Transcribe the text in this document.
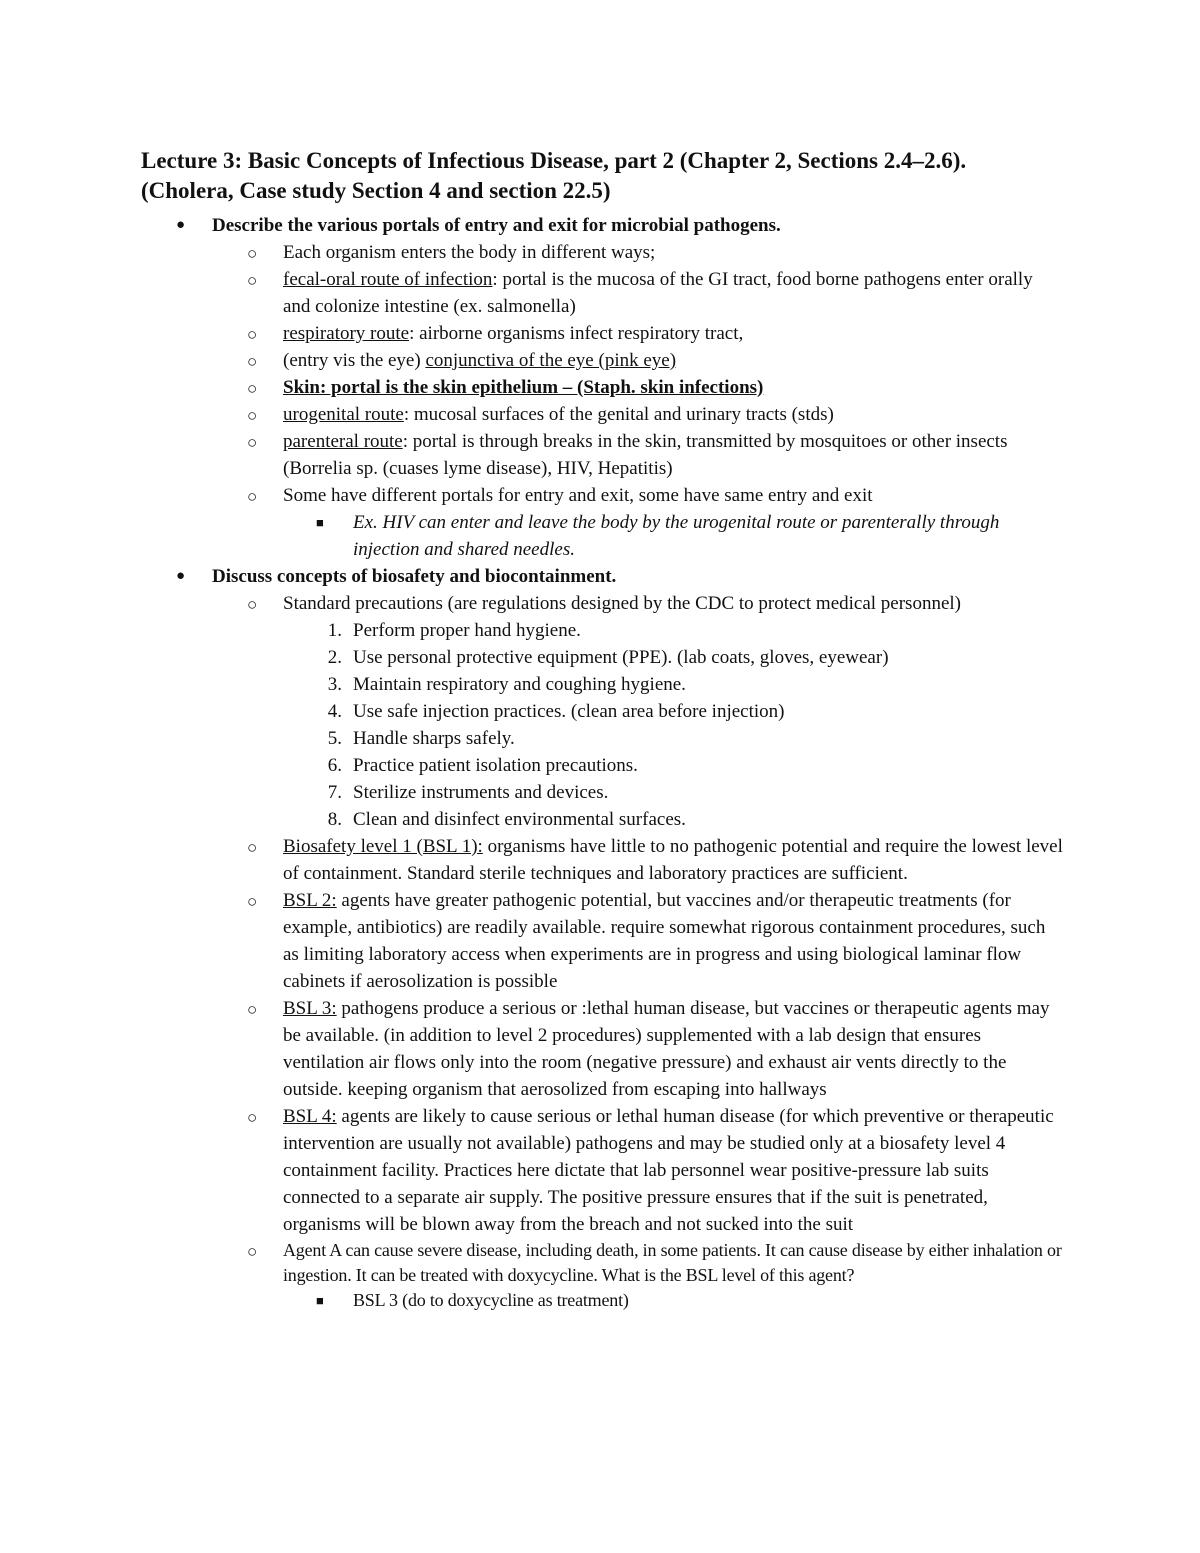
Lecture 3: Basic Concepts of Infectious Disease, part 2 (Chapter 2, Sections 2.4–2.6).
(Cholera, Case study Section 4 and section 22.5)
● Describe the various portals of entry and exit for microbial pathogens.
○ Each organism enters the body in different ways;
○ fecal-oral route of infection: portal is the mucosa of the GI tract, food borne pathogens enter orally and colonize intestine (ex. salmonella)
○ respiratory route: airborne organisms infect respiratory tract,
○ (entry vis the eye) conjunctiva of the eye (pink eye)
○ Skin: portal is the skin epithelium – (Staph. skin infections)
○ urogenital route: mucosal surfaces of the genital and urinary tracts (stds)
○ parenteral route: portal is through breaks in the skin, transmitted by mosquitoes or other insects (Borrelia sp. (cuases lyme disease), HIV, Hepatitis)
○ Some have different portals for entry and exit, some have same entry and exit
■ Ex. HIV can enter and leave the body by the urogenital route or parenterally through injection and shared needles.
● Discuss concepts of biosafety and biocontainment.
○ Standard precautions (are regulations designed by the CDC to protect medical personnel)
1. Perform proper hand hygiene.
2. Use personal protective equipment (PPE). (lab coats, gloves, eyewear)
3. Maintain respiratory and coughing hygiene.
4. Use safe injection practices. (clean area before injection)
5. Handle sharps safely.
6. Practice patient isolation precautions.
7. Sterilize instruments and devices.
8. Clean and disinfect environmental surfaces.
○ Biosafety level 1 (BSL 1): organisms have little to no pathogenic potential and require the lowest level of containment. Standard sterile techniques and laboratory practices are sufficient.
○ BSL 2: agents have greater pathogenic potential, but vaccines and/or therapeutic treatments (for example, antibiotics) are readily available. require somewhat rigorous containment procedures, such as limiting laboratory access when experiments are in progress and using biological laminar flow cabinets if aerosolization is possible
○ BSL 3: pathogens produce a serious or :lethal human disease, but vaccines or therapeutic agents may be available. (in addition to level 2 procedures) supplemented with a lab design that ensures ventilation air flows only into the room (negative pressure) and exhaust air vents directly to the outside. keeping organism that aerosolized from escaping into hallways
○ BSL 4: agents are likely to cause serious or lethal human disease (for which preventive or therapeutic intervention are usually not available) pathogens and may be studied only at a biosafety level 4 containment facility. Practices here dictate that lab personnel wear positive-pressure lab suits connected to a separate air supply. The positive pressure ensures that if the suit is penetrated, organisms will be blown away from the breach and not sucked into the suit
○ Agent A can cause severe disease, including death, in some patients. It can cause disease by either inhalation or ingestion. It can be treated with doxycycline. What is the BSL level of this agent?
■ BSL 3 (do to doxycycline as treatment)
